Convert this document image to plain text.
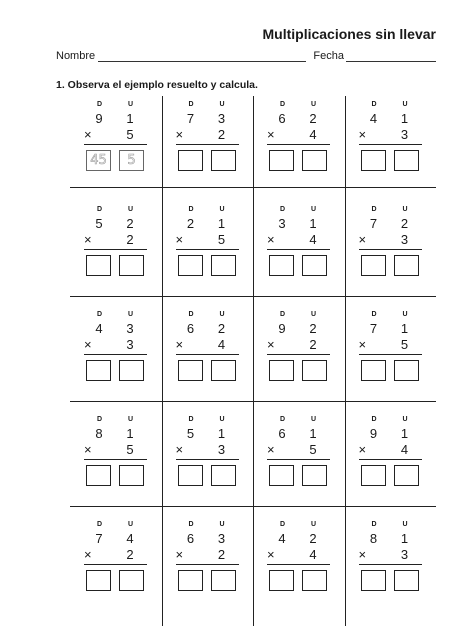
Multiplicaciones sin llevar
Nombre	Fecha
1. Observa el ejemplo resuelto y calcula.
D	U
9 1
×	5
45	5
D	U
7 3
×	2
D	U
6 2
×	4
D	U
4 1
×	3
D	U
5 2
×	2
D	U
2 1
×	5
D	U
3 1
×	4
D	U
7 2
×	3
D	U
4 3
×	3
D	U
6 2
×	4
D	U
9 2
×	2
D	U
7 1
×	5
D	U
8 1
×	5
D	U
5 1
×	3
D	U
6 1
×	5
D	U
9 1
×	4
D	U
7 4
×	2
D	U
6 3
×	2
D	U
4 2
×	4
D	U
8 1
×	3
